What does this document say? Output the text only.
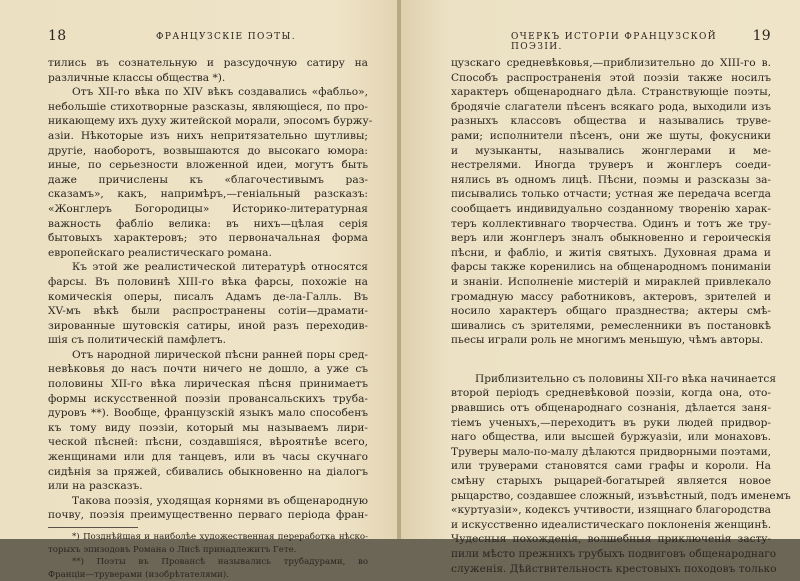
18	ФРАНЦУЗСКІЕ ПОЭТЫ.
тились въ сознательную и разсудочную сатиру на
различные классы общества *).
Отъ XII-го вѣка по XIV вѣкъ создавались «фабльо»,
небольшіе стихотворные разсказы, являющіеся, по про-
никающему ихъ духу житейской морали, эпосомъ буржу-
азіи. Нѣкоторые изъ нихъ непритязательно шутливы;
другіе, наоборотъ, возвышаются до высокаго юмора:
иные, по серьезности вложенной идеи, могутъ быть
даже причислены къ «благочестивымъ раз-
сказамъ», какъ, напримѣръ,—геніальный разсказъ:
«Жонглеръ Богородицы» Историко-литературная
важность фабліо велика: въ нихъ—цѣлая серія
бытовыхъ характеровъ; это первоначальная форма
европейскаго реалистическаго романа.
Къ этой же реалистической литературѣ относятся
фарсы. Въ половинѣ XIII-го вѣка фарсы, похожіе на
комическія оперы, писалъ Адамъ де-ла-Галль. Въ
XV-мъ вѣкѣ были распространены сотіи—драмати-
зированные шутовскія сатиры, иной разъ переходив-
шія съ политическій памфлетъ.
Отъ народной лирической пѣсни ранней поры сред-
невѣковья до насъ почти ничего не дошло, а уже съ
половины XII-го вѣка лирическая пѣсня принимаетъ
формы искусственной поэзіи провансальскихъ труба-
дуровъ **). Вообще, французскій языкъ мало способенъ
къ тому виду поэзіи, который мы называемъ лири-
ческой пѣсней: пѣсни, создавшіяся, вѣроятнѣе всего,
женщинами или для танцевъ, или въ часы скучнаго
сидѣнія за пряжей, сбивались обыкновенно на діалогъ
или на разсказъ.
Такова поэзія, уходящая корнями въ общенародную
почву, поэзія преимущественно перваго періода фран-
*) Позднѣйшая и наиболѣе художественная переработка нѣско-
торыхъ эпизодовъ Романа о Лисѣ принадлежитъ Гете.
**) Поэты въ Провансѣ назывались трубадурами, во
Франціи—труверами (изобрѣтателями).
ОЧЕРКЪ ИСТОРІИ ФРАНЦУЗСКОЙ ПОЭЗІИ.
19
цузскаго средневѣковья,—приблизительно до XIII-го в.
Способъ распространенія этой поэзіи также носилъ
характеръ общенароднаго дѣла. Странствующіе поэты,
бродячіе слагатели пѣсенъ всякаго рода, выходили изъ
разныхъ классовъ общества и назывались труве-
рами; исполнители пѣсенъ, они же шуты, фокусники
и музыканты, назывались жонглерами и ме-
нестрелями. Иногда труверъ и жонглеръ соеди-
нялись въ одномъ лицѣ. Пѣсни, поэмы и разсказы за-
писывались только отчасти; устная же передача всегда
сообщаетъ индивидуально созданному творенію харак-
теръ коллективнаго творчества. Одинъ и тотъ же тру-
веръ или жонглеръ зналъ обыкновенно и героическія
пѣсни, и фабліо, и житія святыхъ. Духовная драма и
фарсы также коренились на общенародномъ пониманіи
и знаніи. Исполненіе мистерій и мираклей привлекало
громадную массу работниковъ, актеровъ, зрителей и
носило характеръ общаго празднества; актеры смѣ-
шивались съ зрителями, ремесленники въ постановкѣ
пьесы играли роль не многимъ меньшую, чѣмъ авторы.
Приблизительно съ половины XII-го вѣка начинается
второй періодъ средневѣковой поэзіи, когда она, ото-
рвавшись отъ общенароднаго сознанія, дѣлается заня-
тіемъ ученыхъ,—переходитъ въ руки людей придвор-
наго общества, или высшей буржуазіи, или монаховъ.
Труверы мало-по-малу дѣлаются придворными поэтами,
или труверами становятся сами графы и короли. На
смѣну старыхъ рыцарей-богатырей является новое
рыцарство, создавшее сложный, изъвѣстный, подъ именемъ
«куртуазіи», кодексъ учтивости, изящнаго благородства
и искусственно идеалистическаго поклоненія женщинѣ.
Чудесныя похожденія, волшебныя приключенія застy-
пили мѣсто прежнихъ грубыхъ подвиговъ общенароднаго
служенія. Дѣйствительность крестовыхъ походовъ только
